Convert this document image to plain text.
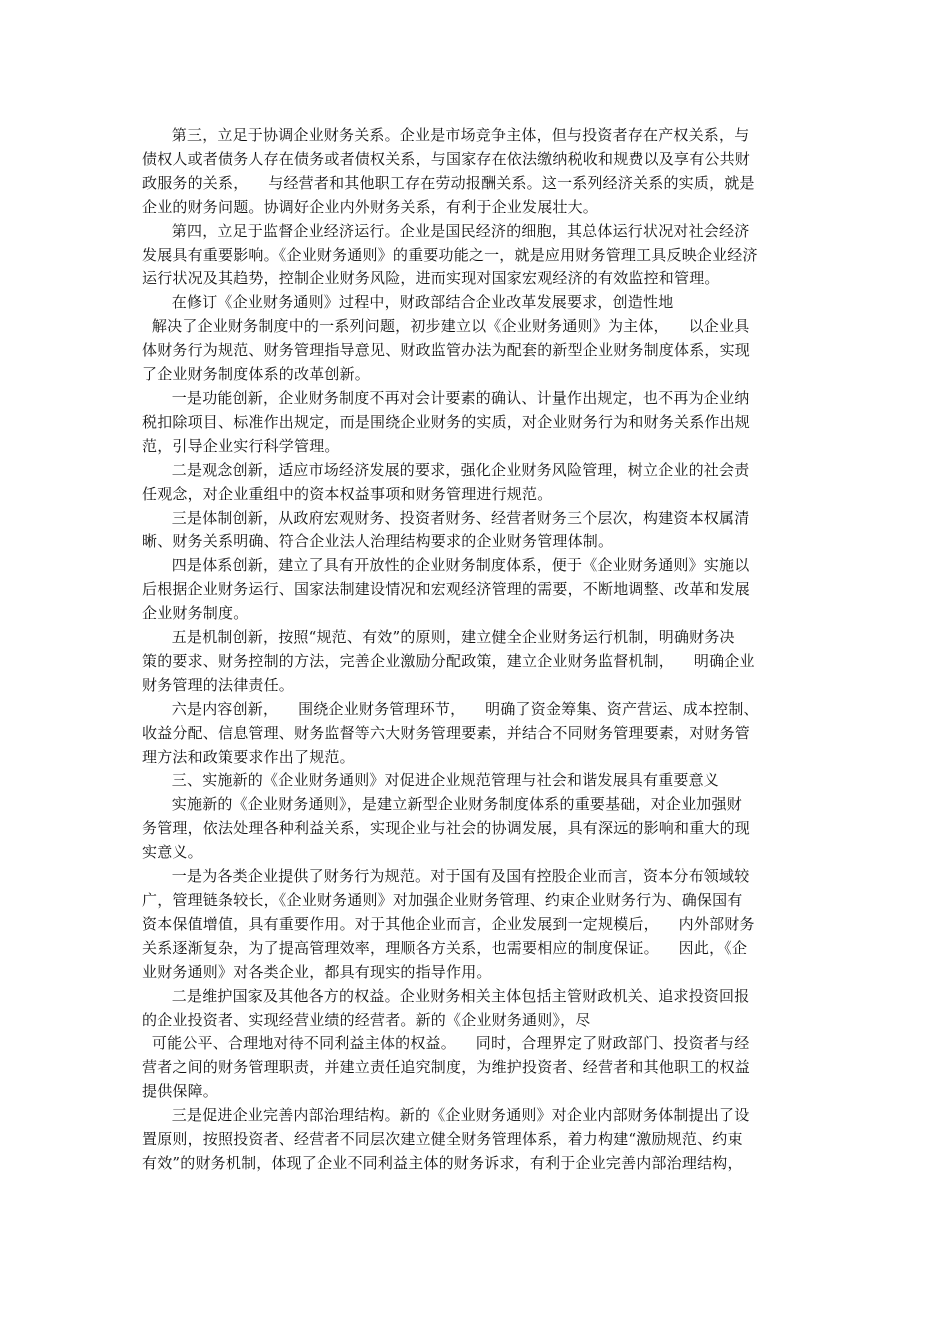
第三，立足于协调企业财务关系。企业是市场竞争主体，但与投资者存在产权关系，与
债权人或者债务人存在债务或者债权关系，与国家存在依法缴纳税收和规费以及享有公共财
政服务的关系，    与经营者和其他职工存在劳动报酬关系。这一系列经济关系的实质，就是
企业的财务问题。协调好企业内外财务关系，有利于企业发展壮大。

第四，立足于监督企业经济运行。企业是国民经济的细胞，其总体运行状况对社会经济
发展具有重要影响。《企业财务通则》的重要功能之一，就是应用财务管理工具反映企业经济
运行状况及其趋势，控制企业财务风险，进而实现对国家宏观经济的有效监控和管理。

在修订《企业财务通则》过程中，财政部结合企业改革发展要求，创造性地
解决了企业财务制度中的一系列问题，初步建立以《企业财务通则》为主体，    以企业具
体财务行为规范、财务管理指导意见、财政监管办法为配套的新型企业财务制度体系，实现
了企业财务制度体系的改革创新。

一是功能创新，企业财务制度不再对会计要素的确认、计量作出规定，也不再为企业纳
税扣除项目、标准作出规定，而是围绕企业财务的实质，对企业财务行为和财务关系作出规
范，引导企业实行科学管理。

二是观念创新，适应市场经济发展的要求，强化企业财务风险管理，树立企业的社会责
任观念，对企业重组中的资本权益事项和财务管理进行规范。

三是体制创新，从政府宏观财务、投资者财务、经营者财务三个层次，构建资本权属清
晰、财务关系明确、符合企业法人治理结构要求的企业财务管理体制。

四是体系创新，建立了具有开放性的企业财务制度体系，便于《企业财务通则》实施以
后根据企业财务运行、国家法制建设情况和宏观经济管理的需要，不断地调整、改革和发展
企业财务制度。

五是机制创新，按照“规范、有效”的原则，建立健全企业财务运行机制，明确财务决
策的要求、财务控制的方法，完善企业激励分配政策，建立企业财务监督机制，    明确企业
财务管理的法律责任。

六是内容创新，    围绕企业财务管理环节，    明确了资金筹集、资产营运、成本控制、
收益分配、信息管理、财务监督等六大财务管理要素，并结合不同财务管理要素，对财务管
理方法和政策要求作出了规范。

三、实施新的《企业财务通则》对促进企业规范管理与社会和谐发展具有重要意义

实施新的《企业财务通则》，是建立新型企业财务制度体系的重要基础，对企业加强财
务管理，依法处理各种利益关系，实现企业与社会的协调发展，具有深远的影响和重大的现
实意义。

一是为各类企业提供了财务行为规范。对于国有及国有控股企业而言，资本分布领域较
广，管理链条较长，《企业财务通则》对加强企业财务管理、约束企业财务行为、确保国有
资本保值增值，具有重要作用。对于其他企业而言，企业发展到一定规模后，    内外部财务
关系逐渐复杂，为了提高管理效率，理顺各方关系，也需要相应的制度保证。    因此，《企
业财务通则》对各类企业，都具有现实的指导作用。

二是维护国家及其他各方的权益。企业财务相关主体包括主管财政机关、追求投资回报
的企业投资者、实现经营业绩的经营者。新的《企业财务通则》，尽
可能公平、合理地对待不同利益主体的权益。    同时，合理界定了财政部门、投资者与经
营者之间的财务管理职责，并建立责任追究制度，为维护投资者、经营者和其他职工的权益
提供保障。

三是促进企业完善内部治理结构。新的《企业财务通则》对企业内部财务体制提出了设
置原则，按照投资者、经营者不同层次建立健全财务管理体系，着力构建“激励规范、约束
有效”的财务机制，体现了企业不同利益主体的财务诉求，有利于企业完善内部治理结构，
